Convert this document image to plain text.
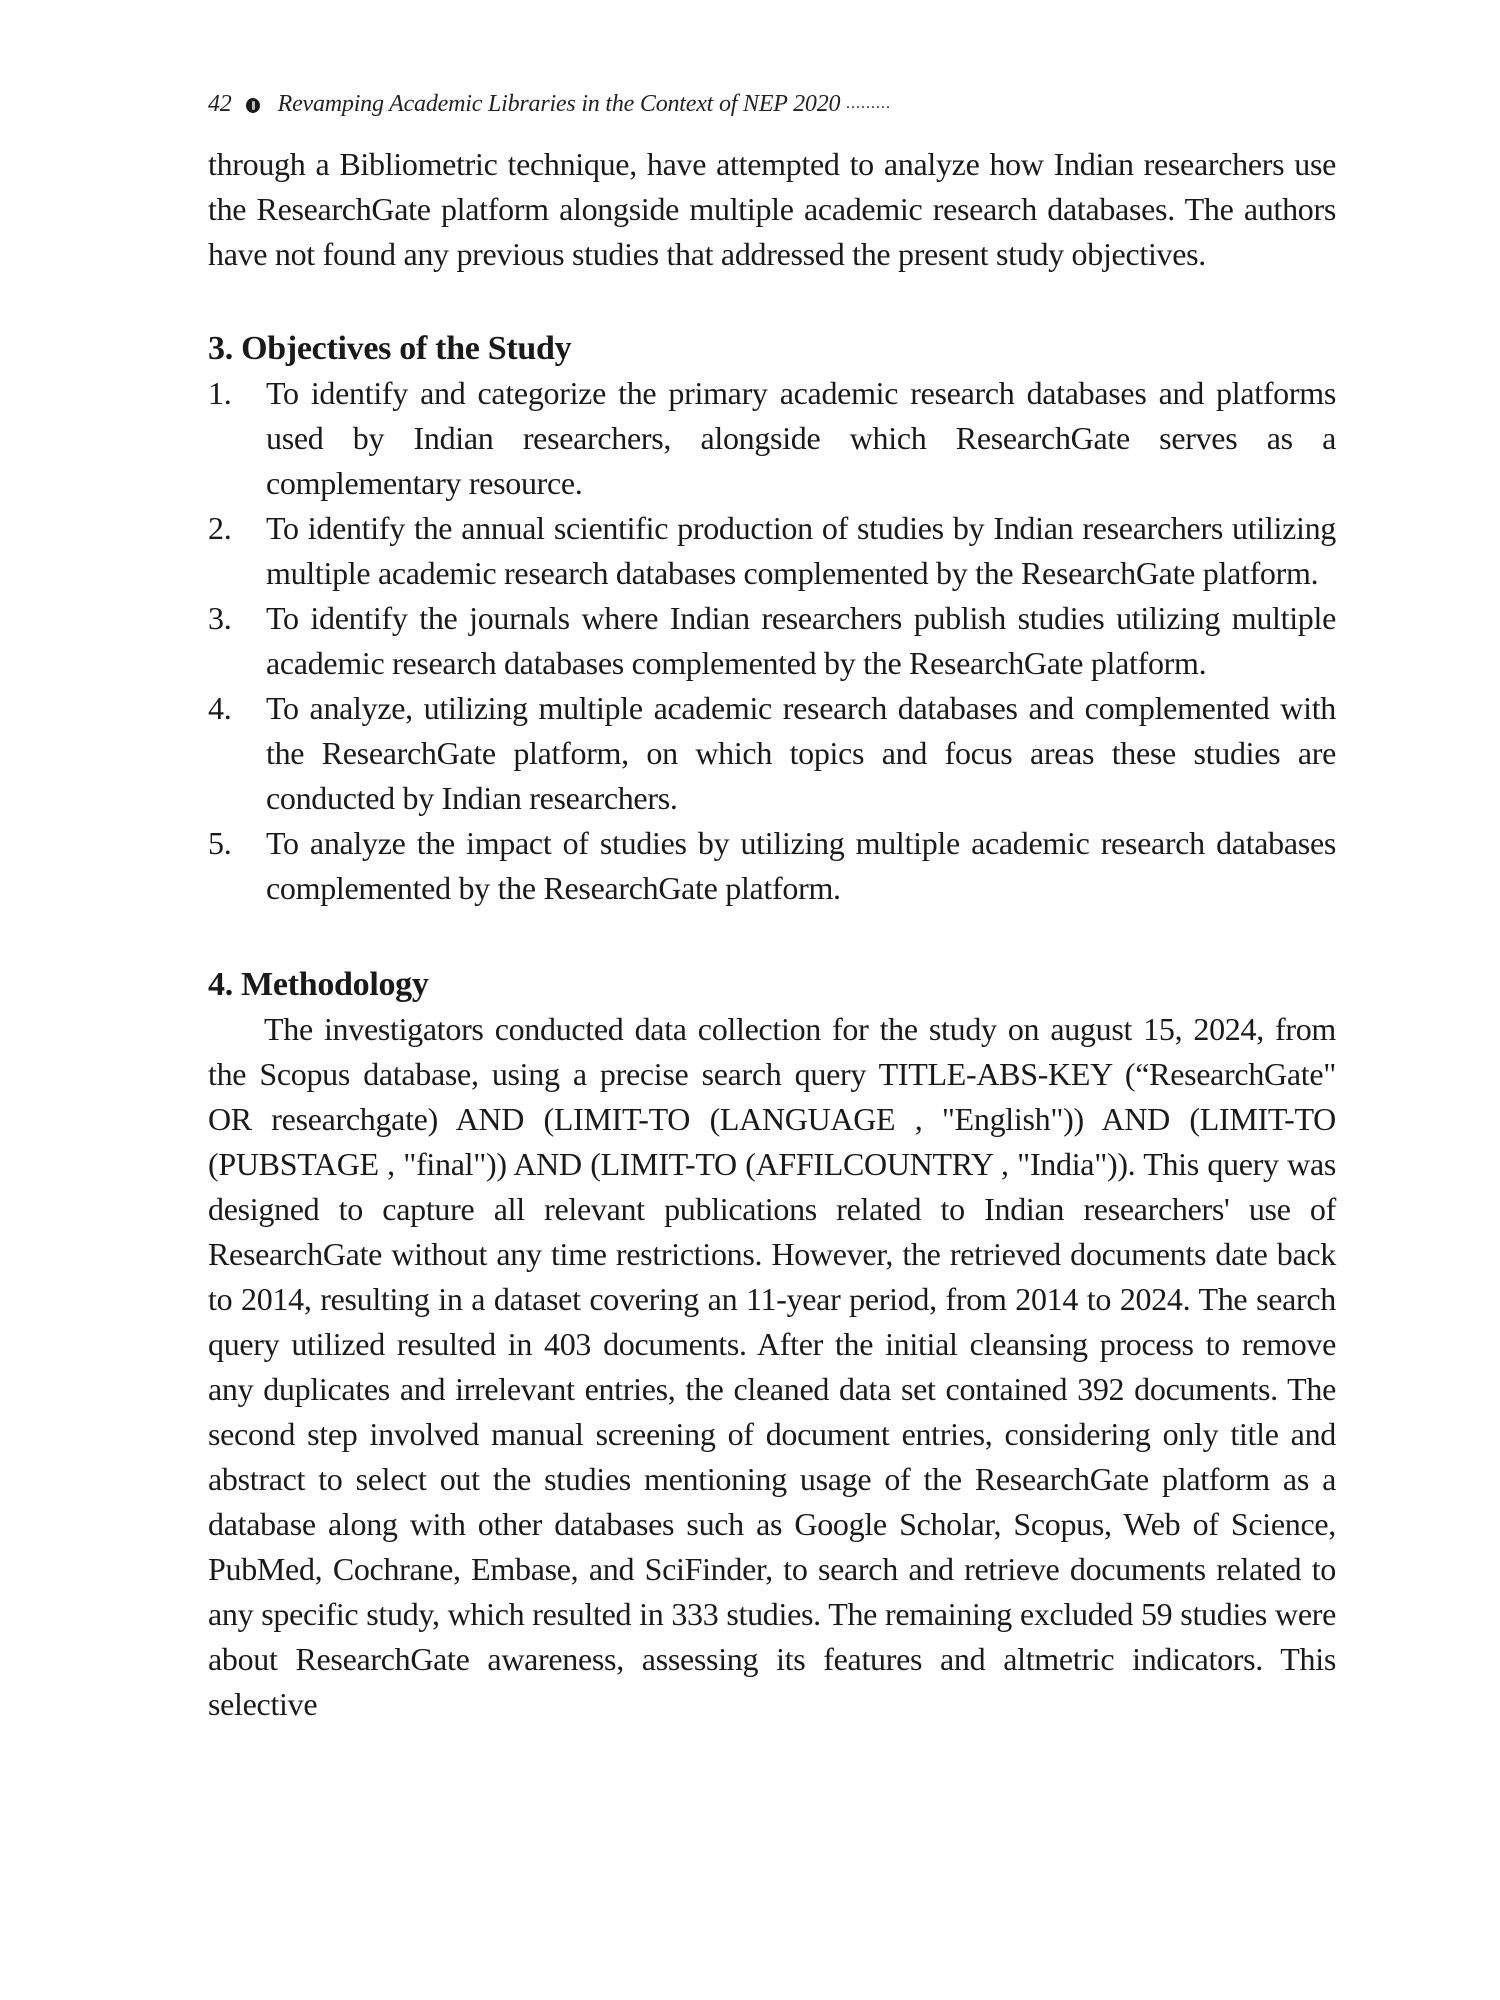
42 Revamping Academic Libraries in the Context of NEP 2020 .........

through a Bibliometric technique, have attempted to analyze how Indian researchers use the ResearchGate platform alongside multiple academic research databases. The authors have not found any previous studies that addressed the present study objectives.

3. Objectives of the Study
1.	To identify and categorize the primary academic research databases and platforms used by Indian researchers, alongside which ResearchGate serves as a complementary resource.
2.	To identify the annual scientific production of studies by Indian researchers utilizing multiple academic research databases complemented by the ResearchGate platform.
3.	To identify the journals where Indian researchers publish studies utilizing multiple academic research databases complemented by the ResearchGate platform.
4.	To analyze, utilizing multiple academic research databases and complemented with the ResearchGate platform, on which topics and focus areas these studies are conducted by Indian researchers.
5.	To analyze the impact of studies by utilizing multiple academic research databases complemented by the ResearchGate platform.
4. Methodology

The investigators conducted data collection for the study on august 15, 2024, from the Scopus database, using a precise search query TITLE-ABS-KEY (“ResearchGate" OR researchgate) AND (LIMIT-TO (LANGUAGE , "English")) AND (LIMIT-TO (PUBSTAGE , "final")) AND (LIMIT-TO (AFFILCOUNTRY , "India")). This query was designed to capture all relevant publications related to Indian researchers' use of ResearchGate without any time restrictions. However, the retrieved documents date back to 2014, resulting in a dataset covering an 11-year period, from 2014 to 2024. The search query utilized resulted in 403 documents. After the initial cleansing process to remove any duplicates and irrelevant entries, the cleaned data set contained 392 documents. The second step involved manual screening of document entries, considering only title and abstract to select out the studies mentioning usage of the ResearchGate platform as a database along with other databases such as Google Scholar, Scopus, Web of Science, PubMed, Cochrane, Embase, and SciFinder, to search and retrieve documents related to any specific study, which resulted in 333 studies. The remaining excluded 59 studies were about ResearchGate awareness, assessing its features and altmetric indicators. This selective
